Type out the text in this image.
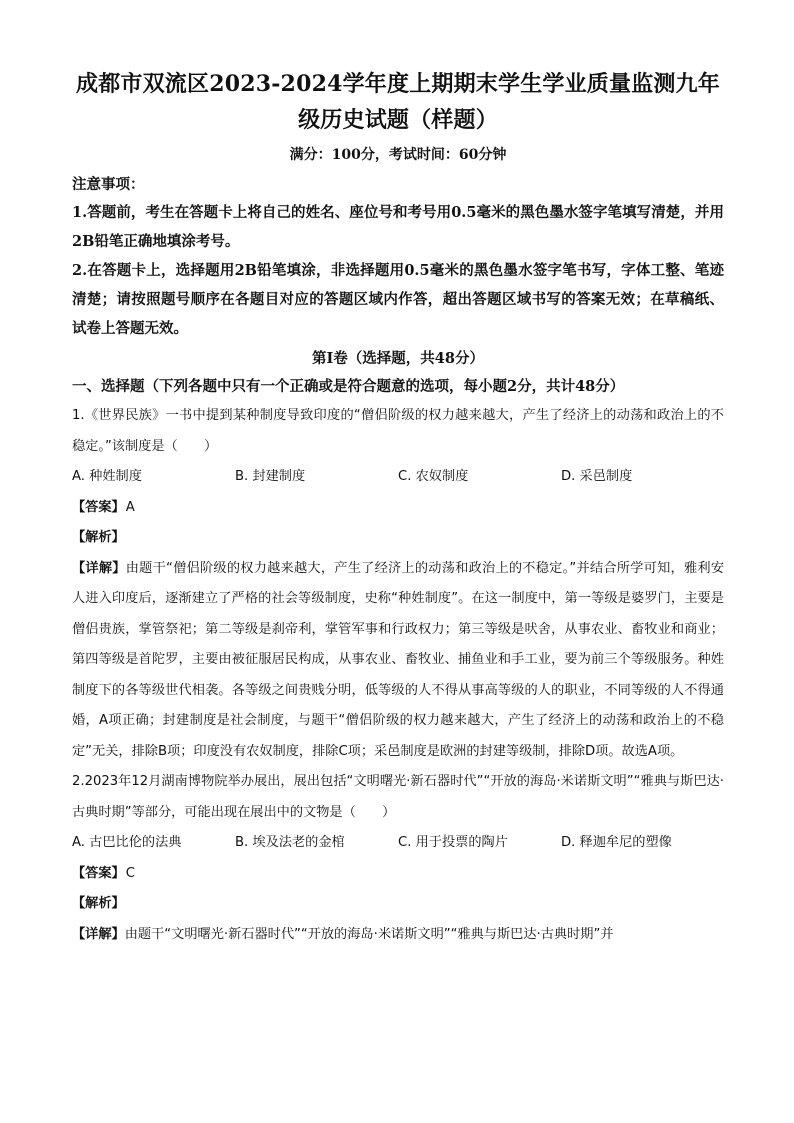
成都市双流区2023-2024学年度上期期末学生学业质量监测九年级历史试题（样题）
满分：100分，考试时间：60分钟
注意事项：
1.答题前，考生在答题卡上将自己的姓名、座位号和考号用0.5毫米的黑色墨水签字笔填写清楚，并用2B铅笔正确地填涂考号。
2.在答题卡上，选择题用2B铅笔填涂，非选择题用0.5毫米的黑色墨水签字笔书写，字体工整、笔迹清楚；请按照题号顺序在各题目对应的答题区域内作答，超出答题区域书写的答案无效；在草稿纸、试卷上答题无效。
第Ⅰ卷（选择题，共48分）
一、选择题（下列各题中只有一个正确或是符合题意的选项，每小题2分，共计48分）
1.《世界民族》一书中提到某种制度导致印度的“僧侣阶级的权力越来越大，产生了经济上的动荡和政治上的不稳定。”该制度是（　　）
A. 种姓制度	B. 封建制度	C. 农奴制度	D. 采邑制度
【答案】A
【解析】
【详解】由题干“僧侣阶级的权力越来越大，产生了经济上的动荡和政治上的不稳定。”并结合所学可知，雅利安人进入印度后，逐渐建立了严格的社会等级制度，史称“种姓制度”。在这一制度中，第一等级是婆罗门，主要是僧侣贵族，掌管祭祀；第二等级是刹帝利，掌管军事和行政权力；第三等级是吠舍，从事农业、畜牧业和商业；第四等级是首陀罗，主要由被征服居民构成，从事农业、畜牧业、捕鱼业和手工业，要为前三个等级服务。种姓制度下的各等级世代相袭。各等级之间贵贱分明，低等级的人不得从事高等级的人的职业，不同等级的人不得通婚，A项正确；封建制度是社会制度，与题干“僧侣阶级的权力越来越大，产生了经济上的动荡和政治上的不稳定”无关，排除B项；印度没有农奴制度，排除C项；采邑制度是欧洲的封建等级制，排除D项。故选A项。
2.2023年12月湖南博物院举办展出，展出包括“文明曙光·新石器时代”“开放的海岛·米诺斯文明”“雅典与斯巴达·古典时期”等部分，可能出现在展出中的文物是（　　）
A. 古巴比伦的法典	B. 埃及法老的金棺	C. 用于投票的陶片	D. 释迦牟尼的塑像
【答案】C
【解析】
【详解】由题干“文明曙光·新石器时代”“开放的海岛·米诺斯文明”“雅典与斯巴达·古典时期”并
